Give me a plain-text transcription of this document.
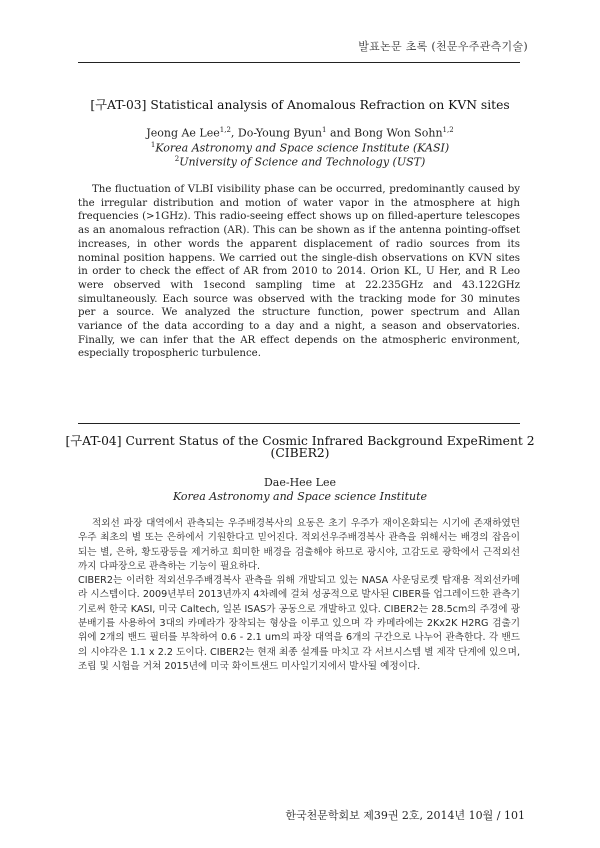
발표논문 초록 (천문우주관측기술)
[구AT-03] Statistical analysis of Anomalous Refraction on KVN sites
Jeong Ae Lee$^{1,2}$, Do-Young Byun$^1$ and Bong Won Sohn$^{1,2}$
$^1$Korea Astronomy and Space science Institute (KASI)
$^2$University of Science and Technology (UST)

The fluctuation of VLBI visibility phase can be occurred, predominantly caused by the irregular distribution and motion of water vapor in the atmosphere at high frequencies (>1GHz). This radio-seeing effect shows up on filled-aperture telescopes as an anomalous refraction (AR). This can be shown as if the antenna pointing-offset increases, in other words the apparent displacement of radio sources from its nominal position happens. We carried out the single-dish observations on KVN sites in order to check the effect of AR from 2010 to 2014. Orion KL, U Her, and R Leo were observed with 1second sampling time at 22.235GHz and 43.122GHz simultaneously. Each source was observed with the tracking mode for 30 minutes per a source. We analyzed the structure function, power spectrum and Allan variance of the data according to a day and a night, a season and observatories. Finally, we can infer that the AR effect depends on the atmospheric environment, especially tropospheric turbulence.

[구AT-04] Current Status of the Cosmic Infrared Background ExpeRiment 2
(CIBER2)
Dae-Hee Lee
Korea Astronomy and Space science Institute
적외선 파장 대역에서 관측되는 우주배경복사의 요동은 초기 우주가 재이온화되는 시기에 존재하였던 우주 최초의 별 또는 은하에서 기원한다고 믿어진다. 적외선우주배경복사 관측을 위해서는 배경의 잡음이 되는 별, 은하, 황도광등을 제거하고 희미한 배경을 검출해야 하므로 광시야, 고감도로 광학에서 근적외선까지 다파장으로 관측하는 기능이 필요하다.
CIBER2는 이러한 적외선우주배경복사 관측을 위해 개발되고 있는 NASA 사운딩로켓 탑재용 적외선카메라 시스템이다. 2009년부터 2013년까지 4차례에 걸쳐 성공적으로 발사된 CIBER를 업그레이드한 관측기기로써 한국 KASI, 미국 Caltech, 일본 ISAS가 공동으로 개발하고 있다. CIBER2는 28.5cm의 주경에 광분배기를 사용하여 3대의 카메라가 장착되는 형상을 이루고 있으며 각 카메라에는 2Kx2K H2RG 검출기 위에 2개의 밴드 필터를 부착하여 0.6 - 2.1 um의 파장 대역을 6개의 구간으로 나누어 관측한다. 각 밴드의 시야각은 1.1 x 2.2 도이다. CIBER2는 현재 최종 설계를 마치고 각 서브시스템 별 제작 단계에 있으며, 조립 및 시험을 거쳐 2015년에 미국 화이트샌드 미사일기지에서 발사될 예정이다.
한국천문학회보 제39권 2호, 2014년 10월 / 101
